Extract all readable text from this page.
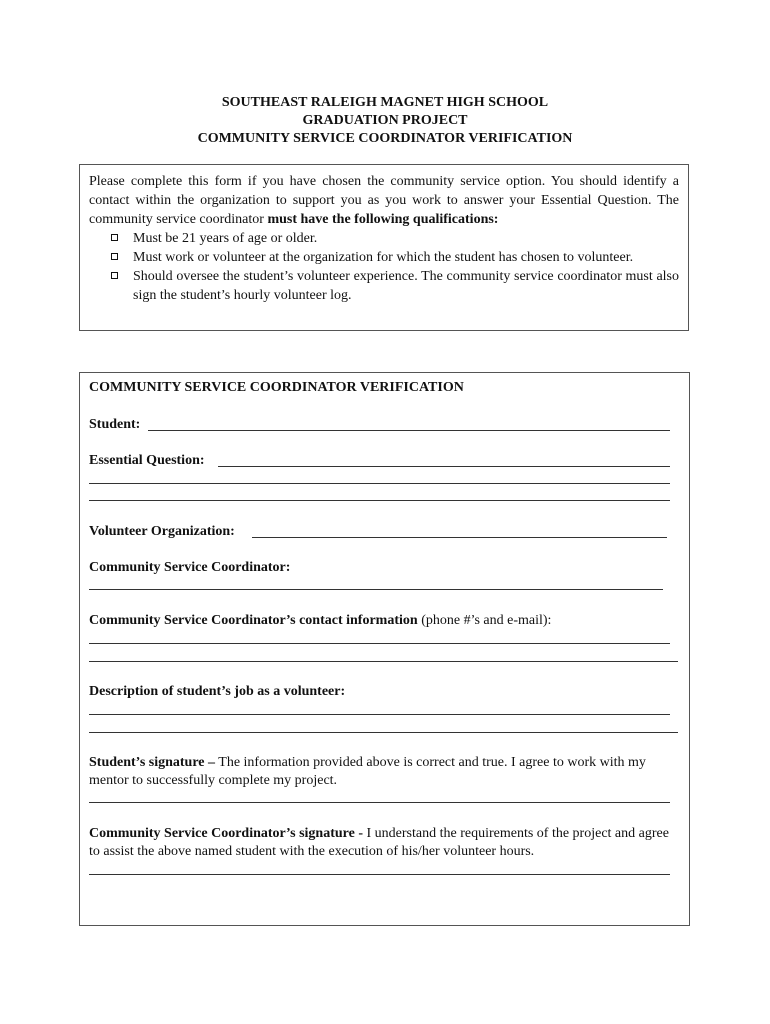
SOUTHEAST RALEIGH MAGNET HIGH SCHOOL
GRADUATION PROJECT
COMMUNITY SERVICE COORDINATOR VERIFICATION

Please complete this form if you have chosen the community service option. You should identify a contact within the organization to support you as you work to answer your Essential Question. The community service coordinator must have the following qualifications:

Must be 21 years of age or older.
Must work or volunteer at the organization for which the student has chosen to volunteer.
Should oversee the student’s volunteer experience. The community service coordinator must also sign the student’s hourly volunteer log.
COMMUNITY SERVICE COORDINATOR VERIFICATION
Student:
Essential Question:
Volunteer Organization:
Community Service Coordinator:
Community Service Coordinator’s contact information (phone #’s and e-mail):
Description of student’s job as a volunteer:
Student’s signature – The information provided above is correct and true. I agree to work with my mentor to successfully complete my project.
Community Service Coordinator’s signature - I understand the requirements of the project and agree to assist the above named student with the execution of his/her volunteer hours.
